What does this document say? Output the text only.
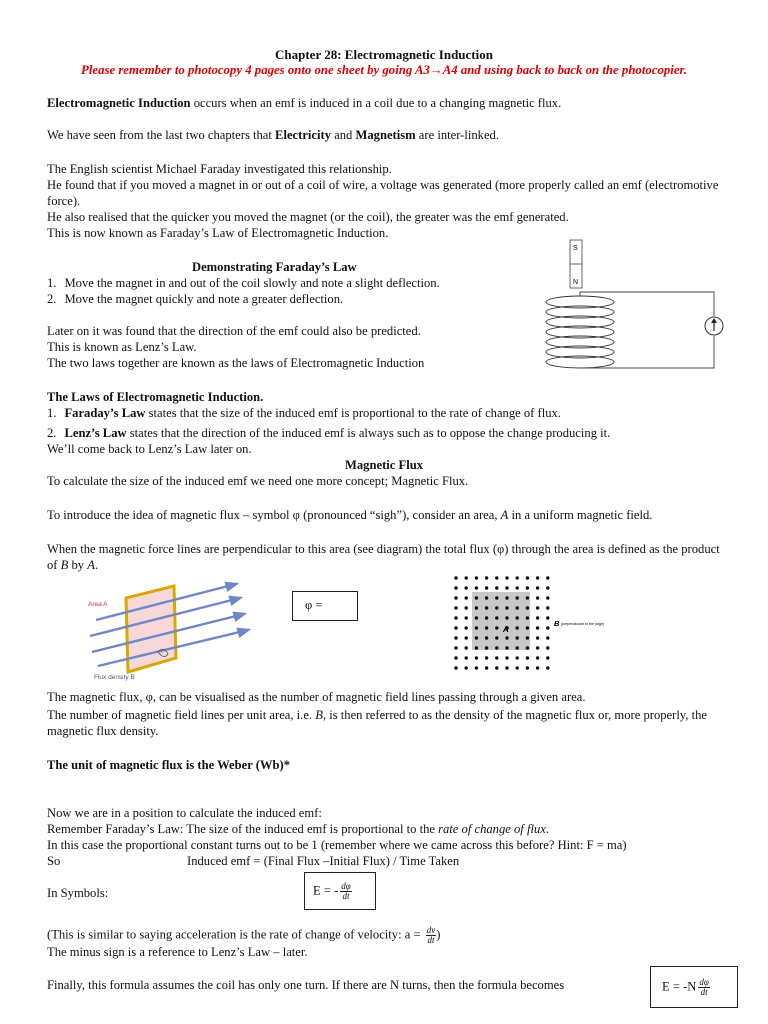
Chapter 28: Electromagnetic Induction
Please remember to photocopy 4 pages onto one sheet by going A3→A4 and using back to back on the photocopier.

Electromagnetic Induction occurs when an emf is induced in a coil due to a changing magnetic flux.

We have seen from the last two chapters that Electricity and Magnetism are inter-linked.

The English scientist Michael Faraday investigated this relationship.

He found that if you moved a magnet in or out of a coil of wire, a voltage was generated (more properly called an emf (electromotive force).

He also realised that the quicker you moved the magnet (or the coil), the greater was the emf generated.

This is now known as Faraday’s Law of Electromagnetic Induction.

Demonstrating Faraday’s Law
1. Move the magnet in and out of the coil slowly and note a slight deflection.
2. Move the magnet quickly and note a greater deflection.

Later on it was found that the direction of the emf could also be predicted.

This is known as Lenz’s Law.

The two laws together are known as the laws of Electromagnetic Induction

S
N
The Laws of Electromagnetic Induction.
1. Faraday’s Law states that the size of the induced emf is proportional to the rate of change of flux.
2. Lenz’s Law states that the direction of the induced emf is always such as to oppose the change producing it.

We’ll come back to Lenz’s Law later on.

Magnetic Flux

To calculate the size of the induced emf we need one more concept; Magnetic Flux.

To introduce the idea of magnetic flux – symbol φ (pronounced “sigh”), consider an area, A in a uniform magnetic field.

When the magnetic force lines are perpendicular to this area (see diagram) the total flux (φ) through the area is defined as the product of B by A.

Area A
Flux density B
φ =
A
B (perpendicular to the page)

The magnetic flux, φ, can be visualised as the number of magnetic field lines passing through a given area.

The number of magnetic field lines per unit area, i.e. B, is then referred to as the density of the magnetic flux or, more properly, the magnetic flux density.

The unit of magnetic flux is the Weber (Wb)*

Now we are in a position to calculate the induced emf:

Remember Faraday’s Law: The size of the induced emf is proportional to the rate of change of flux.

In this case the proportional constant turns out to be 1 (remember where we came across this before? Hint: F = ma)

So	Induced emf = (Final Flux –Initial Flux) / Time Taken
In Symbols:	E = - $\frac{d\varphi}{dt}$
(This is similar to saying acceleration is the rate of change of velocity: $a = \frac{dv}{dt}$ )

The minus sign is a reference to Lenz’s Law – later.

Finally, this formula assumes the coil has only one turn. If there are N turns, then the formula becomes	$E = -N \frac{d\varphi}{dt}$
